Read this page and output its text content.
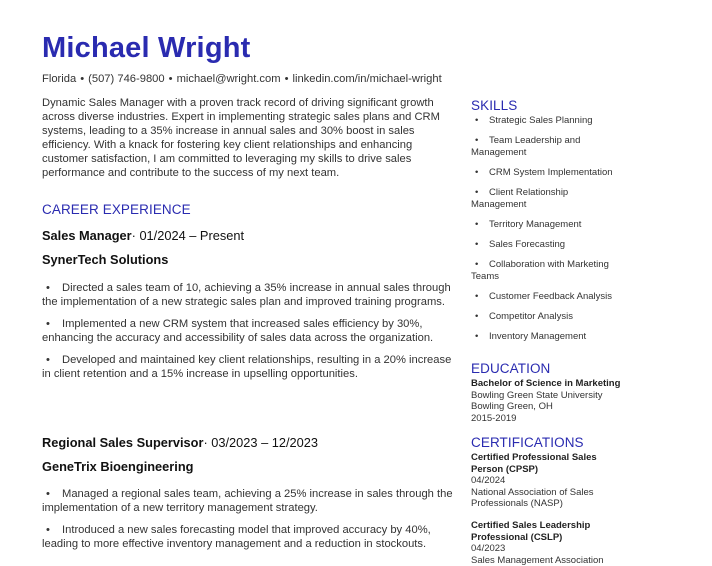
Michael Wright
Florida • (507) 746-9800 • michael@wright.com • linkedin.com/in/michael-wright
Dynamic Sales Manager with a proven track record of driving significant growth across diverse industries. Expert in implementing strategic sales plans and CRM systems, leading to a 35% increase in annual sales and 30% boost in sales efficiency. With a knack for fostering key client relationships and enhancing customer satisfaction, I am committed to leveraging my skills to drive sales performance and contribute to the success of my next team.
CAREER EXPERIENCE
Sales Manager· 01/2024 – Present
SynerTech Solutions
• Directed a sales team of 10, achieving a 35% increase in annual sales through the implementation of a new strategic sales plan and improved training programs.
• Implemented a new CRM system that increased sales efficiency by 30%, enhancing the accuracy and accessibility of sales data across the organization.
• Developed and maintained key client relationships, resulting in a 20% increase in client retention and a 15% increase in upselling opportunities.
Regional Sales Supervisor· 03/2023 – 12/2023
GeneTrix Bioengineering
• Managed a regional sales team, achieving a 25% increase in sales through the implementation of a new territory management strategy.
• Introduced a new sales forecasting model that improved accuracy by 40%, leading to more effective inventory management and a reduction in stockouts.
SKILLS
• Strategic Sales Planning
• Team Leadership and Management
• CRM System Implementation
• Client Relationship Management
• Territory Management
• Sales Forecasting
• Collaboration with Marketing Teams
• Customer Feedback Analysis
• Competitor Analysis
• Inventory Management
EDUCATION
Bachelor of Science in Marketing
Bowling Green State University
Bowling Green, OH
2015-2019
CERTIFICATIONS
Certified Professional Sales Person (CPSP)
04/2024
National Association of Sales Professionals (NASP)
Certified Sales Leadership Professional (CSLP)
04/2023
Sales Management Association
